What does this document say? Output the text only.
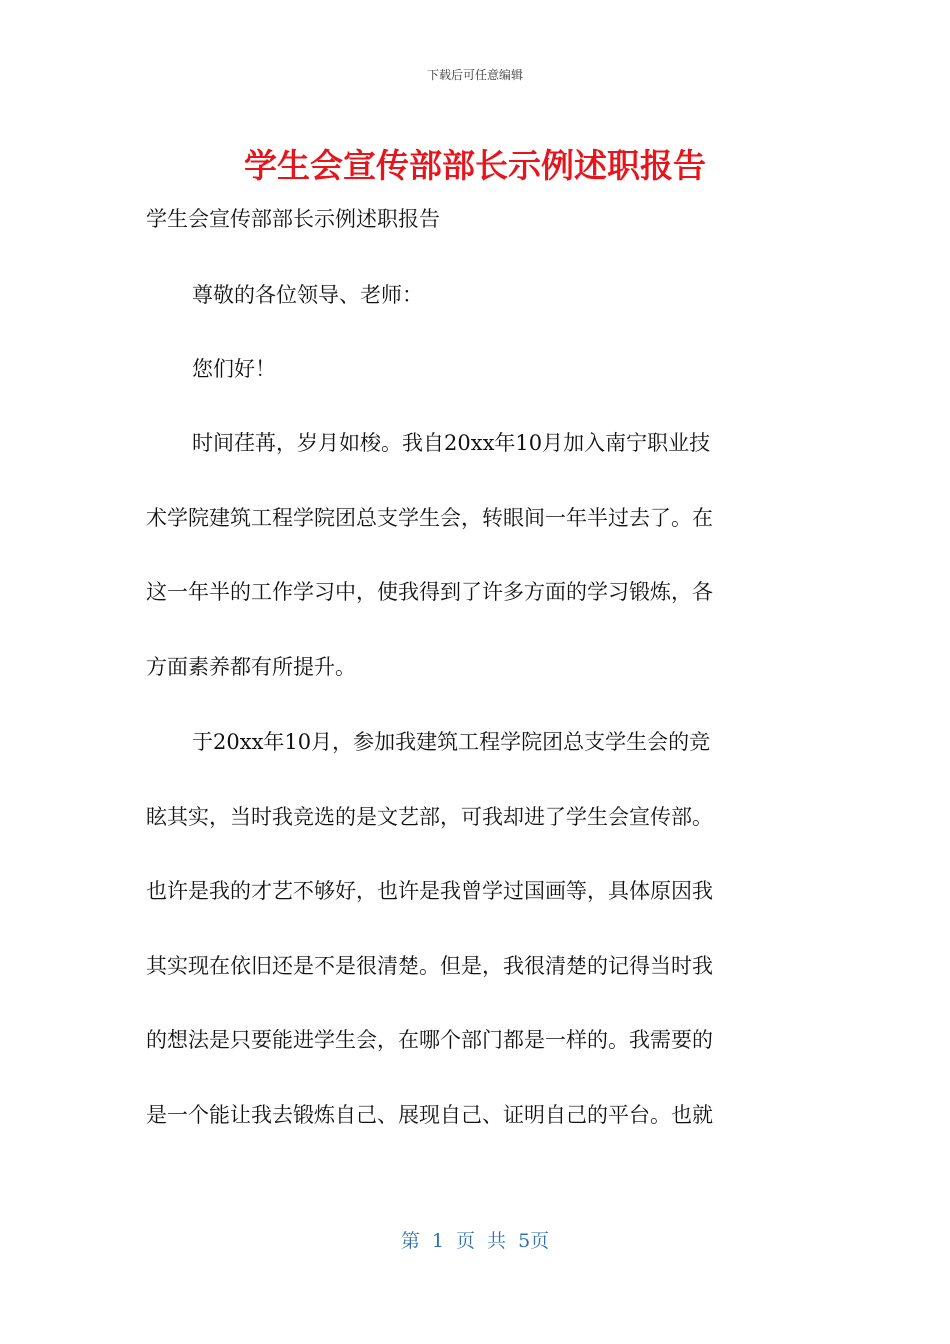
下载后可任意编辑
学生会宣传部部长示例述职报告
学生会宣传部部长示例述职报告
尊敬的各位领导、老师：
您们好！
时间荏苒，岁月如梭。我自20xx年10月加入南宁职业技
术学院建筑工程学院团总支学生会，转眼间一年半过去了。在
这一年半的工作学习中，使我得到了许多方面的学习锻炼，各
方面素养都有所提升。
于20xx年10月，参加我建筑工程学院团总支学生会的竞
眩其实，当时我竞选的是文艺部，可我却进了学生会宣传部。
也许是我的才艺不够好，也许是我曾学过国画等，具体原因我
其实现在依旧还是不是很清楚。但是，我很清楚的记得当时我
的想法是只要能进学生会，在哪个部门都是一样的。我需要的
是一个能让我去锻炼自己、展现自己、证明自己的平台。也就
第 1 页 共 5页
